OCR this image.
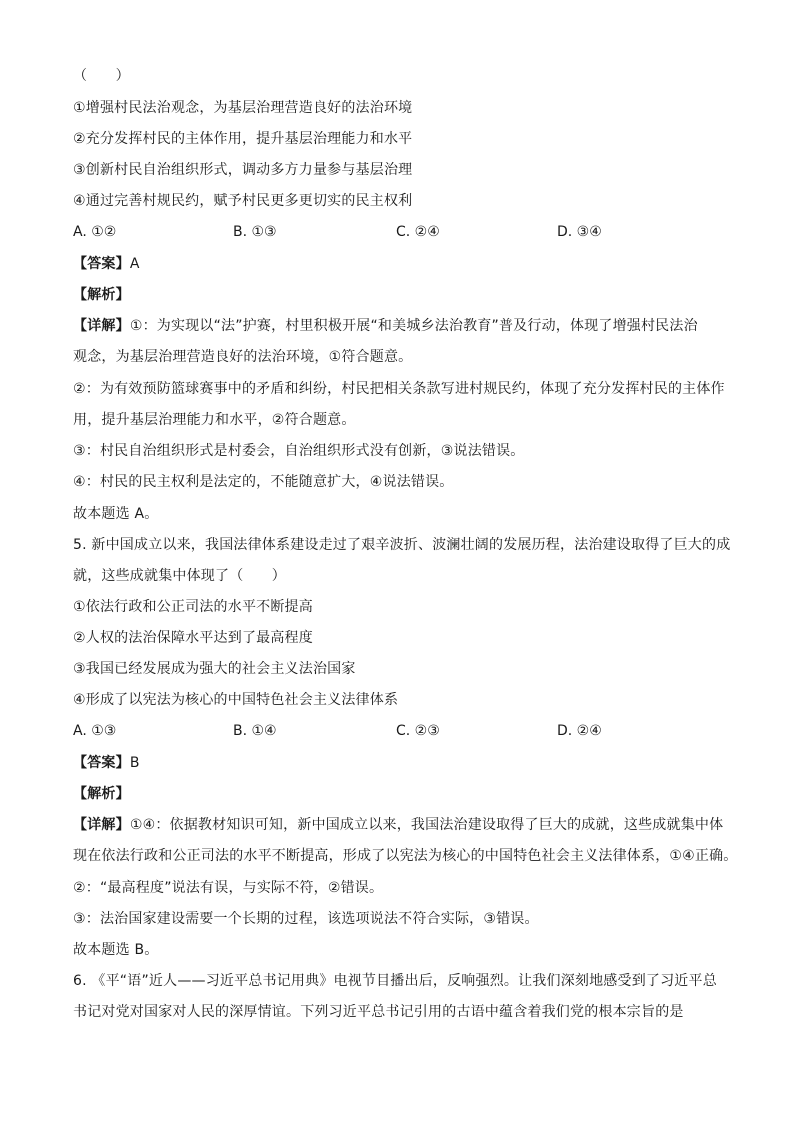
（　　）
①增强村民法治观念，为基层治理营造良好的法治环境
②充分发挥村民的主体作用，提升基层治理能力和水平
③创新村民自治组织形式，调动多方力量参与基层治理
④通过完善村规民约，赋予村民更多更切实的民主权利
A. ①②	B. ①③	C. ②④	D. ③④
【答案】A
【解析】
【详解】①：为实现以“法”护赛，村里积极开展“和美城乡法治教育”普及行动，体现了增强村民法治
观念，为基层治理营造良好的法治环境，①符合题意。
②：为有效预防篮球赛事中的矛盾和纠纷，村民把相关条款写进村规民约，体现了充分发挥村民的主体作
用，提升基层治理能力和水平，②符合题意。
③：村民自治组织形式是村委会，自治组织形式没有创新，③说法错误。
④：村民的民主权利是法定的，不能随意扩大，④说法错误。
故本题选 A。
5. 新中国成立以来，我国法律体系建设走过了艰辛波折、波澜壮阔的发展历程，法治建设取得了巨大的成
就，这些成就集中体现了（　　）
①依法行政和公正司法的水平不断提高
②人权的法治保障水平达到了最高程度
③我国已经发展成为强大的社会主义法治国家
④形成了以宪法为核心的中国特色社会主义法律体系
A. ①③	B. ①④	C. ②③	D. ②④
【答案】B
【解析】
【详解】①④：依据教材知识可知，新中国成立以来，我国法治建设取得了巨大的成就，这些成就集中体
现在依法行政和公正司法的水平不断提高，形成了以宪法为核心的中国特色社会主义法律体系，①④正确。
②：“最高程度”说法有误，与实际不符，②错误。
③：法治国家建设需要一个长期的过程，该选项说法不符合实际，③错误。
故本题选 B。
6. 《平“语”近人——习近平总书记用典》电视节目播出后，反响强烈。让我们深刻地感受到了习近平总
书记对党对国家对人民的深厚情谊。下列习近平总书记引用的古语中蕴含着我们党的根本宗旨的是
